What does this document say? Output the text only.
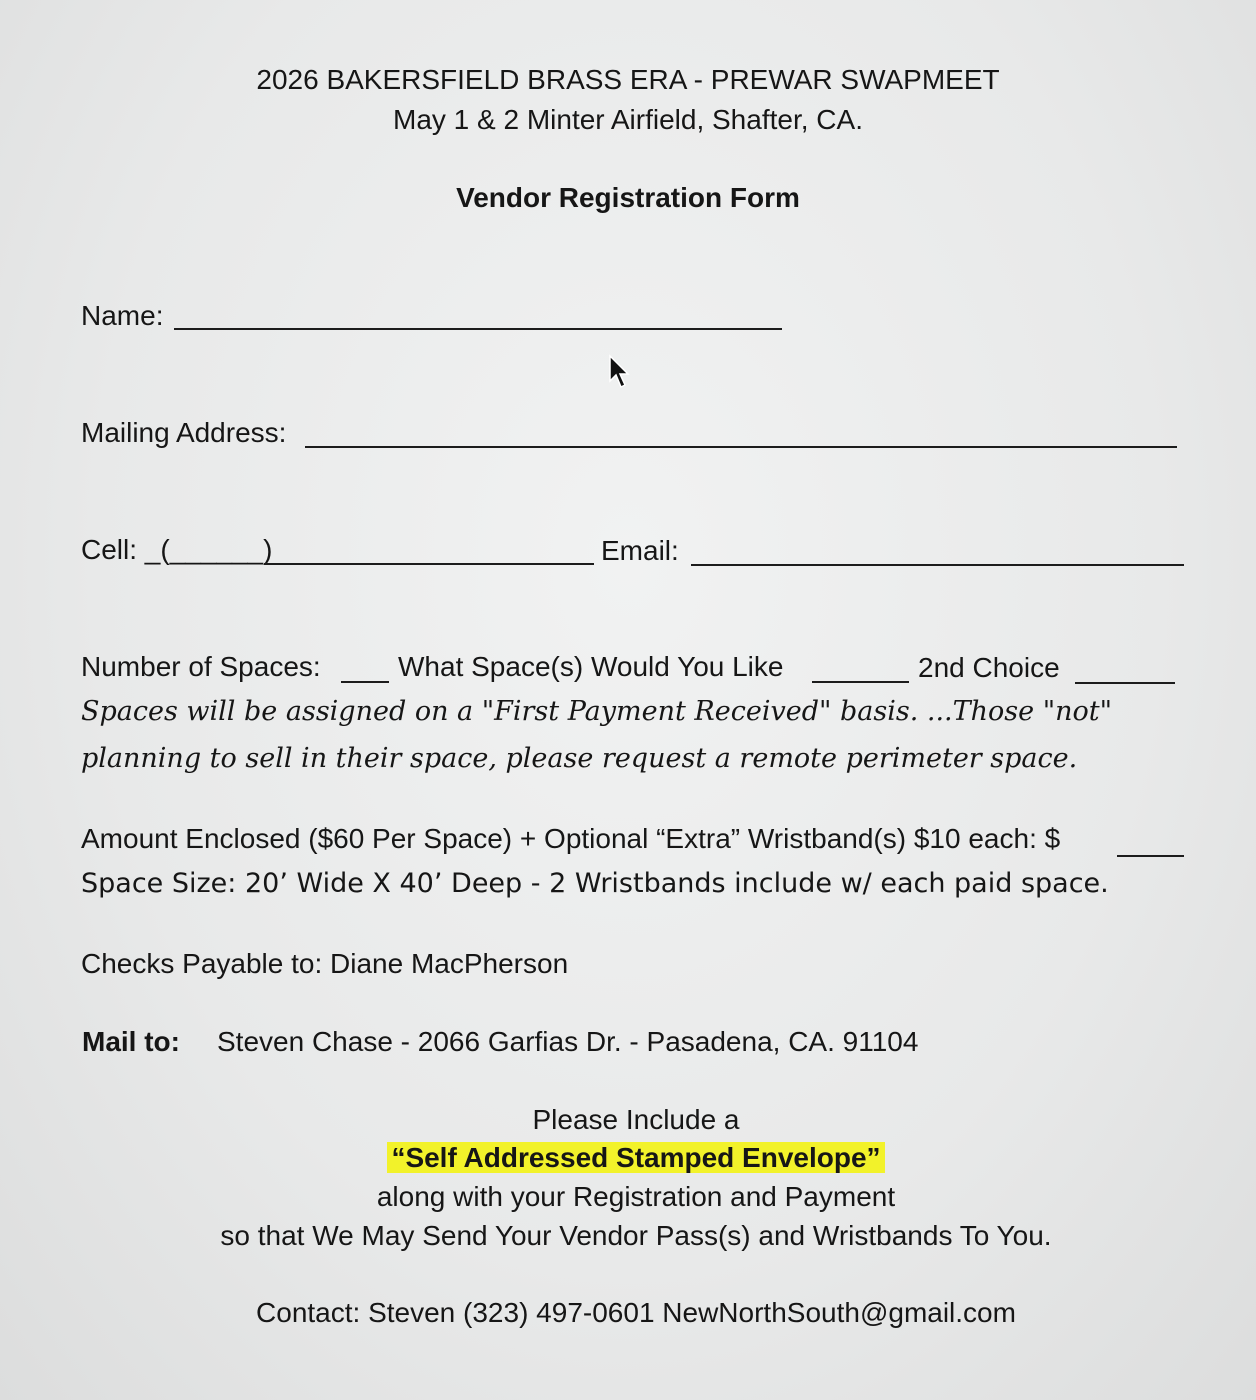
2026 BAKERSFIELD BRASS ERA - PREWAR SWAPMEET
May 1 & 2 Minter Airfield, Shafter, CA.
Vendor Registration Form
Name:
Mailing Address:
Cell: _(______)	Email:
Number of Spaces:	What Space(s) Would You Like	2nd Choice
Spaces will be assigned on a "First Payment Received" basis. ...Those "not"
planning to sell in their space, please request a remote perimeter space.
Amount Enclosed ($60 Per Space) + Optional “Extra” Wristband(s) $10 each: $
Space Size: 20’ Wide X 40’ Deep - 2 Wristbands include w/ each paid space.
Checks Payable to: Diane MacPherson
Mail to: Steven Chase - 2066 Garfias Dr. - Pasadena, CA. 91104
Please Include a
“Self Addressed Stamped Envelope”
along with your Registration and Payment
so that We May Send Your Vendor Pass(s) and Wristbands To You.
Contact: Steven (323) 497-0601 NewNorthSouth@gmail.com
